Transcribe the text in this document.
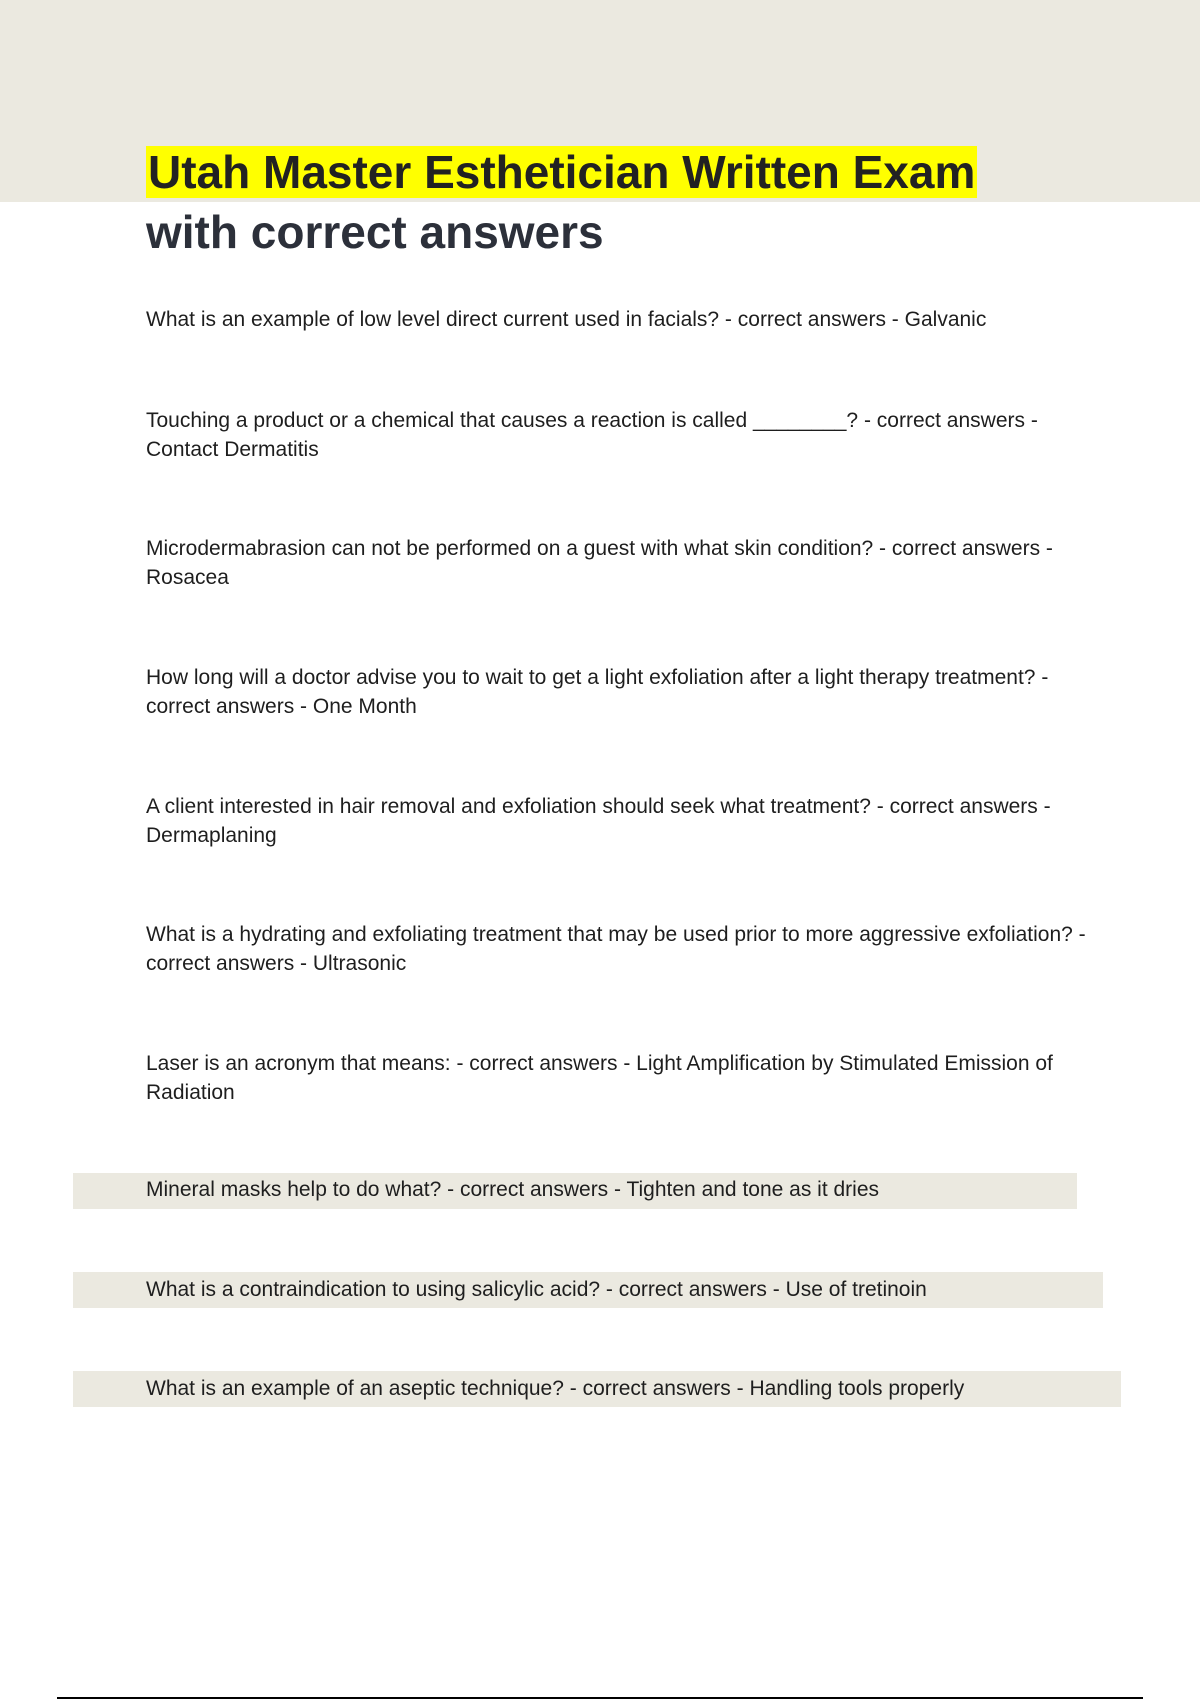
Utah Master Esthetician Written Exam
with correct answers

What is an example of low level direct current used in facials? - correct answers - Galvanic

Touching a product or a chemical that causes a reaction is called ________? - correct answers - Contact Dermatitis

Microdermabrasion can not be performed on a guest with what skin condition? - correct answers - Rosacea

How long will a doctor advise you to wait to get a light exfoliation after a light therapy treatment? - correct answers - One Month

A client interested in hair removal and exfoliation should seek what treatment? - correct answers - Dermaplaning

What is a hydrating and exfoliating treatment that may be used prior to more aggressive exfoliation? - correct answers - Ultrasonic

Laser is an acronym that means: - correct answers - Light Amplification by Stimulated Emission of Radiation

Mineral masks help to do what? - correct answers - Tighten and tone as it dries

What is a contraindication to using salicylic acid? - correct answers - Use of tretinoin

What is an example of an aseptic technique? - correct answers - Handling tools properly
